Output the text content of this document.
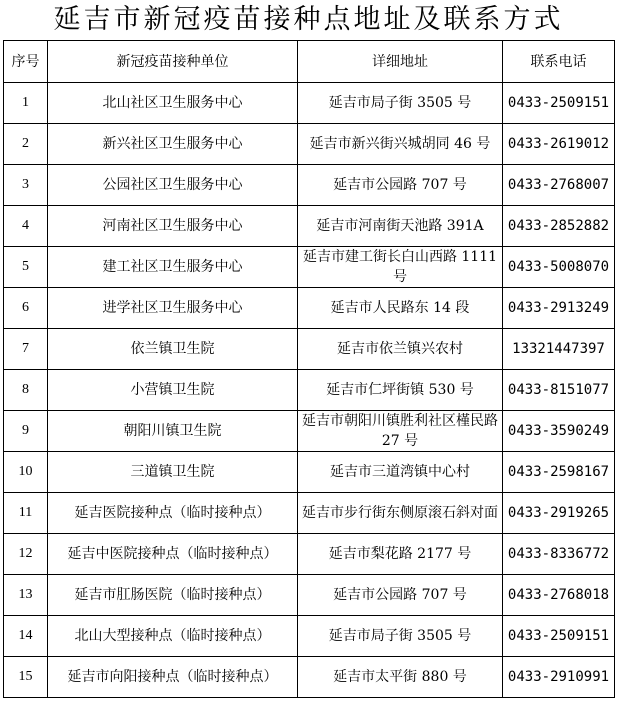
延吉市新冠疫苗接种点地址及联系方式
序号	新冠疫苗接种单位	详细地址	联系电话
1	北山社区卫生服务中心	延吉市局子街 3505 号	0433-2509151
2	新兴社区卫生服务中心	延吉市新兴街兴城胡同 46 号	0433-2619012
3	公园社区卫生服务中心	延吉市公园路 707 号	0433-2768007
4	河南社区卫生服务中心	延吉市河南街天池路 391A	0433-2852882
5	建工社区卫生服务中心	延吉市建工街长白山西路 1111 号	0433-5008070
6	进学社区卫生服务中心	延吉市人民路东 14 段	0433-2913249
7	依兰镇卫生院	延吉市依兰镇兴农村	13321447397
8	小营镇卫生院	延吉市仁坪街镇 530 号	0433-8151077
9	朝阳川镇卫生院	延吉市朝阳川镇胜利社区槿民路 27 号	0433-3590249
10	三道镇卫生院	延吉市三道湾镇中心村	0433-2598167
11	延吉医院接种点（临时接种点）	延吉市步行街东侧原滚石斜对面	0433-2919265
12	延吉中医院接种点（临时接种点）	延吉市梨花路 2177 号	0433-8336772
13	延吉市肛肠医院（临时接种点）	延吉市公园路 707 号	0433-2768018
14	北山大型接种点（临时接种点）	延吉市局子街 3505 号	0433-2509151
15	延吉市向阳接种点（临时接种点）	延吉市太平街 880 号	0433-2910991
